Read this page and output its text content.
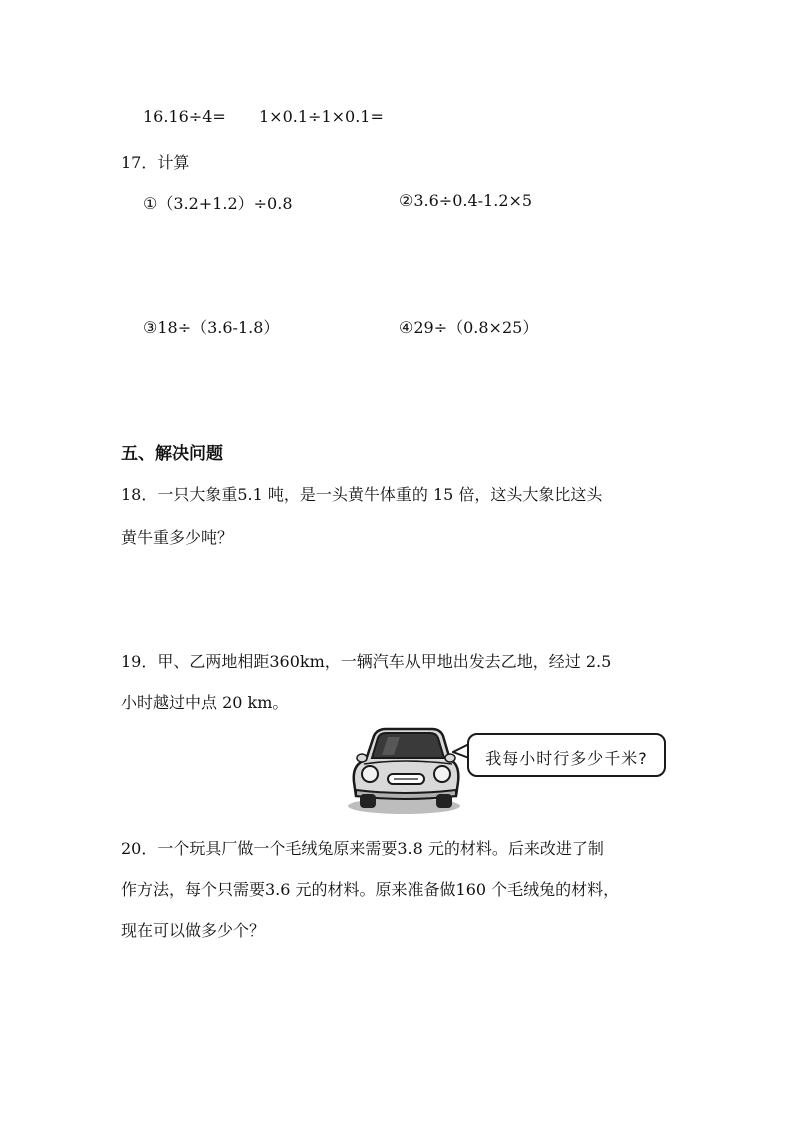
16.16÷4= 1×0.1÷1×0.1=
17．计算
①（3.2+1.2）÷0.8	②3.6÷0.4-1.2×5
③18÷（3.6-1.8）	④29÷（0.8×25）
五、解决问题
18．一只大象重5.1 吨，是一头黄牛体重的 15 倍，这头大象比这头
黄牛重多少吨？
19．甲、乙两地相距360km，一辆汽车从甲地出发去乙地，经过 2.5
小时越过中点 20 km。
我每小时行多少千米?
20．一个玩具厂做一个毛绒兔原来需要3.8 元的材料。后来改进了制
作方法，每个只需要3.6 元的材料。原来准备做160 个毛绒兔的材料，
现在可以做多少个？
